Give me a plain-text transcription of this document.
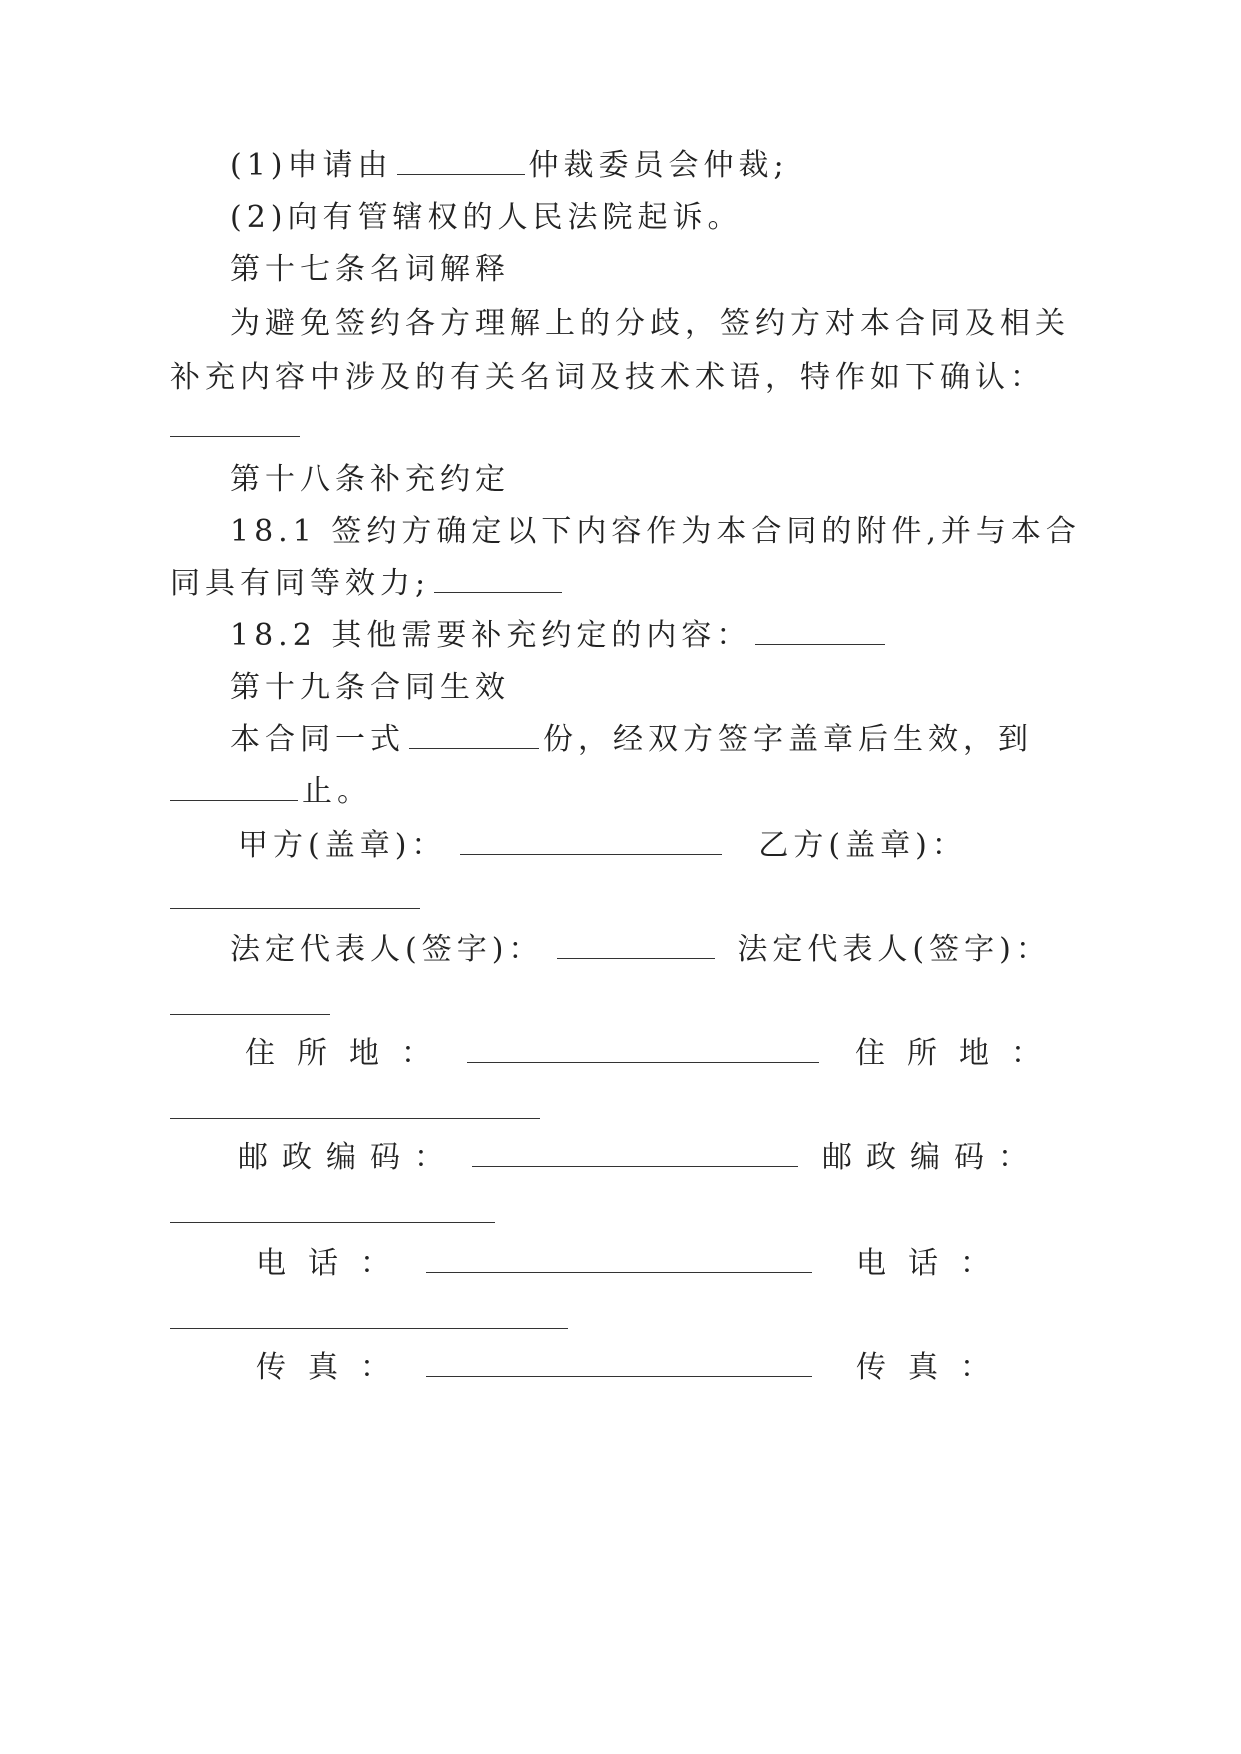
(1)申请由	仲裁委员会仲裁;
(2)向有管辖权的人民法院起诉。
第十七条名词解释
为避免签约各方理解上的分歧，签约方对本合同及相关
补充内容中涉及的有关名词及技术术语，特作如下确认：
第十八条补充约定
18.1 签约方确定以下内容作为本合同的附件,并与本合
同具有同等效力;
18.2 其他需要补充约定的内容：
第十九条合同生效
本合同一式	份，经双方签字盖章后生效，到
止。
甲方(盖章)：	乙方(盖章)：
法定代表人(签字)：	法定代表人(签字)：
住所地：	住所地：
邮政编码：	邮政编码：
电话：	电话：
传真：	传真：
